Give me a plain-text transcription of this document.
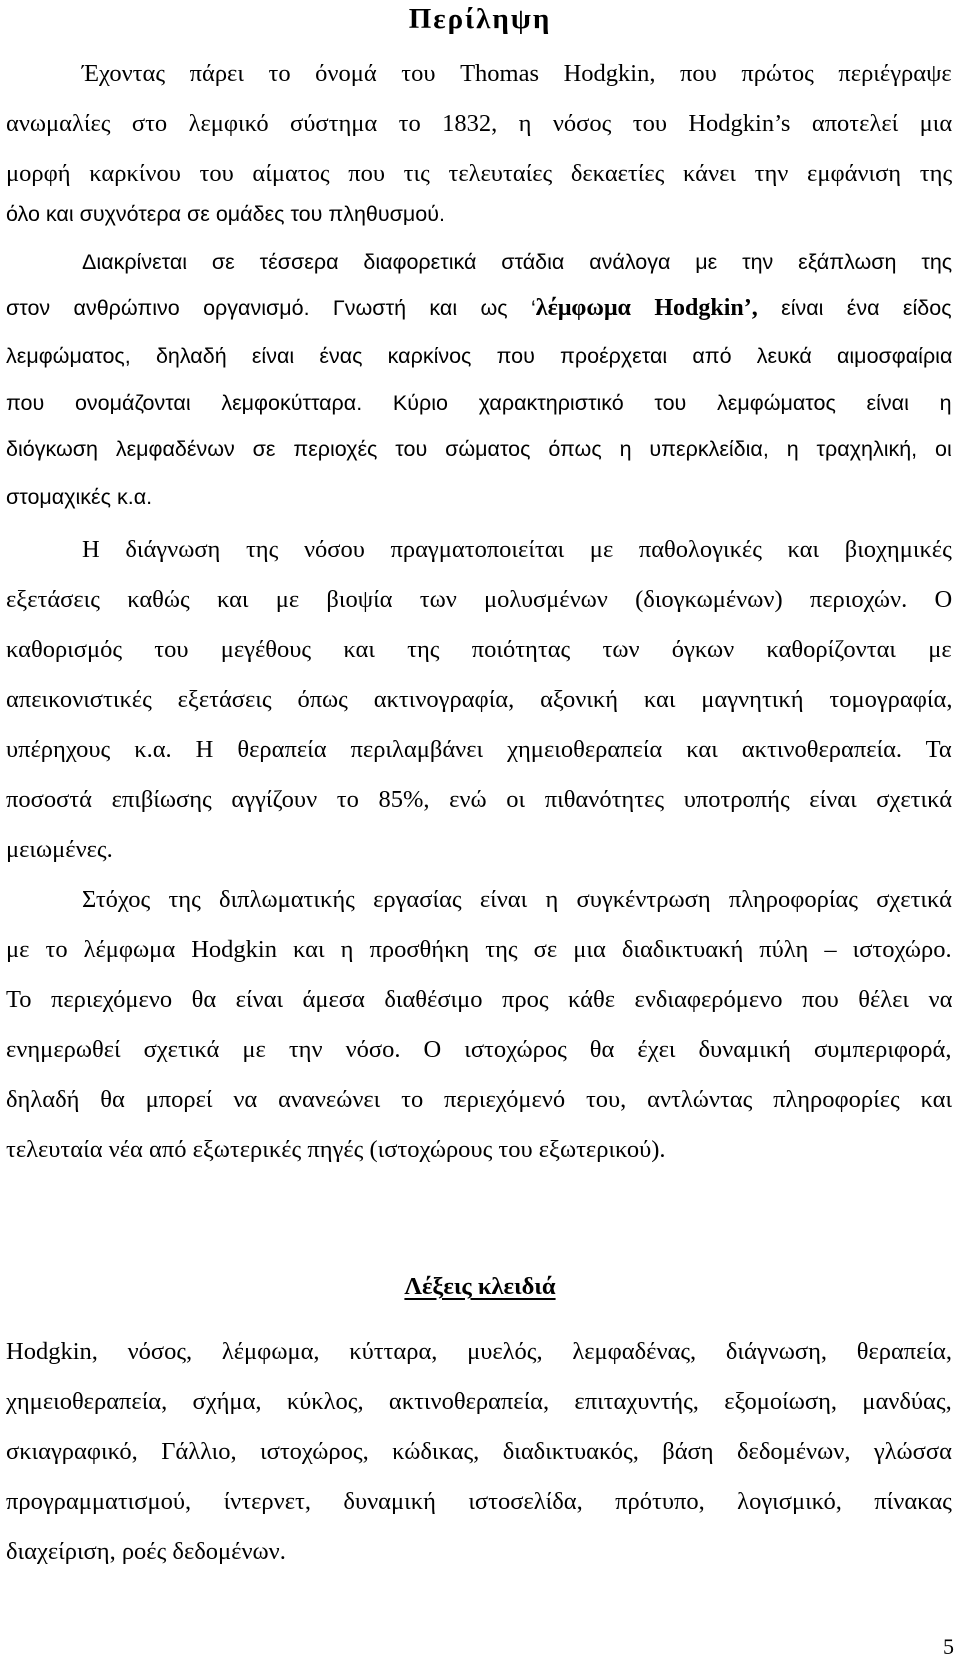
Περίληψη
Έχοντας πάρει το όνομά του Thomas Hodgkin, που πρώτος περιέγραψε
ανωμαλίες στο λεμφικό σύστημα το 1832, η νόσος του Hodgkin’s αποτελεί μια
μορφή καρκίνου του αίματος που τις τελευταίες δεκαετίες κάνει την εμφάνιση της
όλο και συχνότερα σε ομάδες του πληθυσμού.
Διακρίνεται σε τέσσερα διαφορετικά στάδια ανάλογα με την εξάπλωση της
στον ανθρώπινο οργανισμό. Γνωστή και ως ‘λέμφωμα Hodgkin’, είναι ένα είδος
λεμφώματος, δηλαδή είναι ένας καρκίνος που προέρχεται από λευκά αιμοσφαίρια
που ονομάζονται λεμφοκύτταρα. Κύριο χαρακτηριστικό του λεμφώματος είναι η
διόγκωση λεμφαδένων σε περιοχές του σώματος όπως η υπερκλείδια, η τραχηλική, οι
στομαχικές κ.α.
Η διάγνωση της νόσου πραγματοποιείται με παθολογικές και βιοχημικές
εξετάσεις καθώς και με βιοψία των μολυσμένων (διογκωμένων) περιοχών. Ο
καθορισμός του μεγέθους και της ποιότητας των όγκων καθορίζονται με
απεικονιστικές εξετάσεις όπως ακτινογραφία, αξονική και μαγνητική τομογραφία,
υπέρηχους κ.α. Η θεραπεία περιλαμβάνει χημειοθεραπεία και ακτινοθεραπεία. Τα
ποσοστά επιβίωσης αγγίζουν το 85%, ενώ οι πιθανότητες υποτροπής είναι σχετικά
μειωμένες.
Στόχος της διπλωματικής εργασίας είναι η συγκέντρωση πληροφορίας σχετικά
με το λέμφωμα Hodgkin και η προσθήκη της σε μια διαδικτυακή πύλη – ιστοχώρο.
Το περιεχόμενο θα είναι άμεσα διαθέσιμο προς κάθε ενδιαφερόμενο που θέλει να
ενημερωθεί σχετικά με την νόσο. Ο ιστοχώρος θα έχει δυναμική συμπεριφορά,
δηλαδή θα μπορεί να ανανεώνει το περιεχόμενό του, αντλώντας πληροφορίες και
τελευταία νέα από εξωτερικές πηγές (ιστοχώρους του εξωτερικού).
Λέξεις κλειδιά
Hodgkin, νόσος, λέμφωμα, κύτταρα, μυελός, λεμφαδένας, διάγνωση, θεραπεία,
χημειοθεραπεία, σχήμα, κύκλος, ακτινοθεραπεία, επιταχυντής, εξομοίωση, μανδύας,
σκιαγραφικό, Γάλλιο, ιστοχώρος, κώδικας, διαδικτυακός, βάση δεδομένων, γλώσσα
προγραμματισμού, ίντερνετ, δυναμική ιστοσελίδα, πρότυπο, λογισμικό, πίνακας
διαχείριση, ροές δεδομένων.
5
